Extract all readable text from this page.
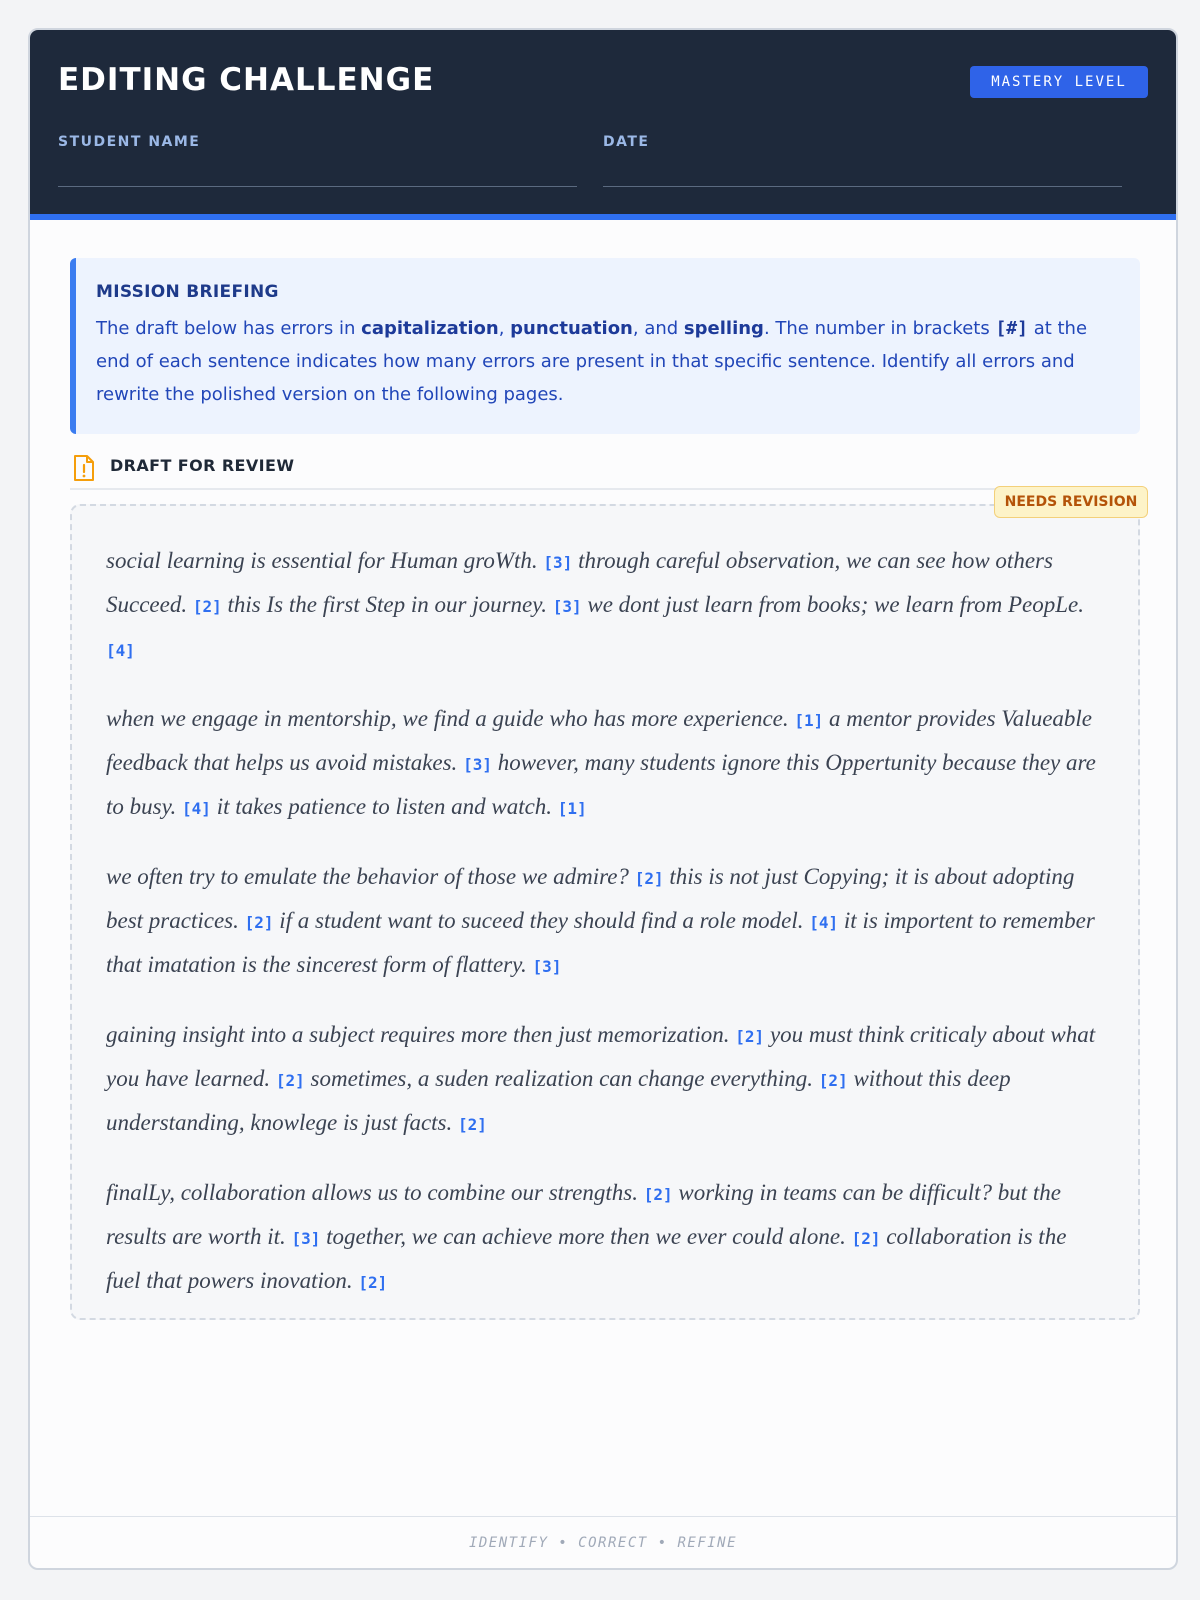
EDITING CHALLENGE	MASTERY LEVEL
STUDENT NAME	DATE
MISSION BRIEFING
The draft below has errors in capitalization, punctuation, and spelling. The number in brackets [#] at the end of each sentence indicates how many errors are present in that specific sentence. Identify all errors and rewrite the polished version on the following pages.
DRAFT FOR REVIEW

social learning is essential for Human groWth. [3] through careful observation, we can see how others Succeed. [2] this Is the first Step in our journey. [3] we dont just learn from books; we learn from PeopLe. [4]

when we engage in mentorship, we find a guide who has more experience. [1] a mentor provides Valueable feedback that helps us avoid mistakes. [3] however, many students ignore this Oppertunity because they are to busy. [4] it takes patience to listen and watch. [1]

we often try to emulate the behavior of those we admire? [2] this is not just Copying; it is about adopting best practices. [2] if a student want to suceed they should find a role model. [4] it is importent to remember that imatation is the sincerest form of flattery. [3]

gaining insight into a subject requires more then just memorization. [2] you must think criticaly about what you have learned. [2] sometimes, a suden realization can change everything. [2] without this deep understanding, knowlege is just facts. [2]

finalLy, collaboration allows us to combine our strengths. [2] working in teams can be difficult? but the results are worth it. [3] together, we can achieve more then we ever could alone. [2] collaboration is the fuel that powers inovation. [2]

NEEDS REVISION
IDENTIFY • CORRECT • REFINE
